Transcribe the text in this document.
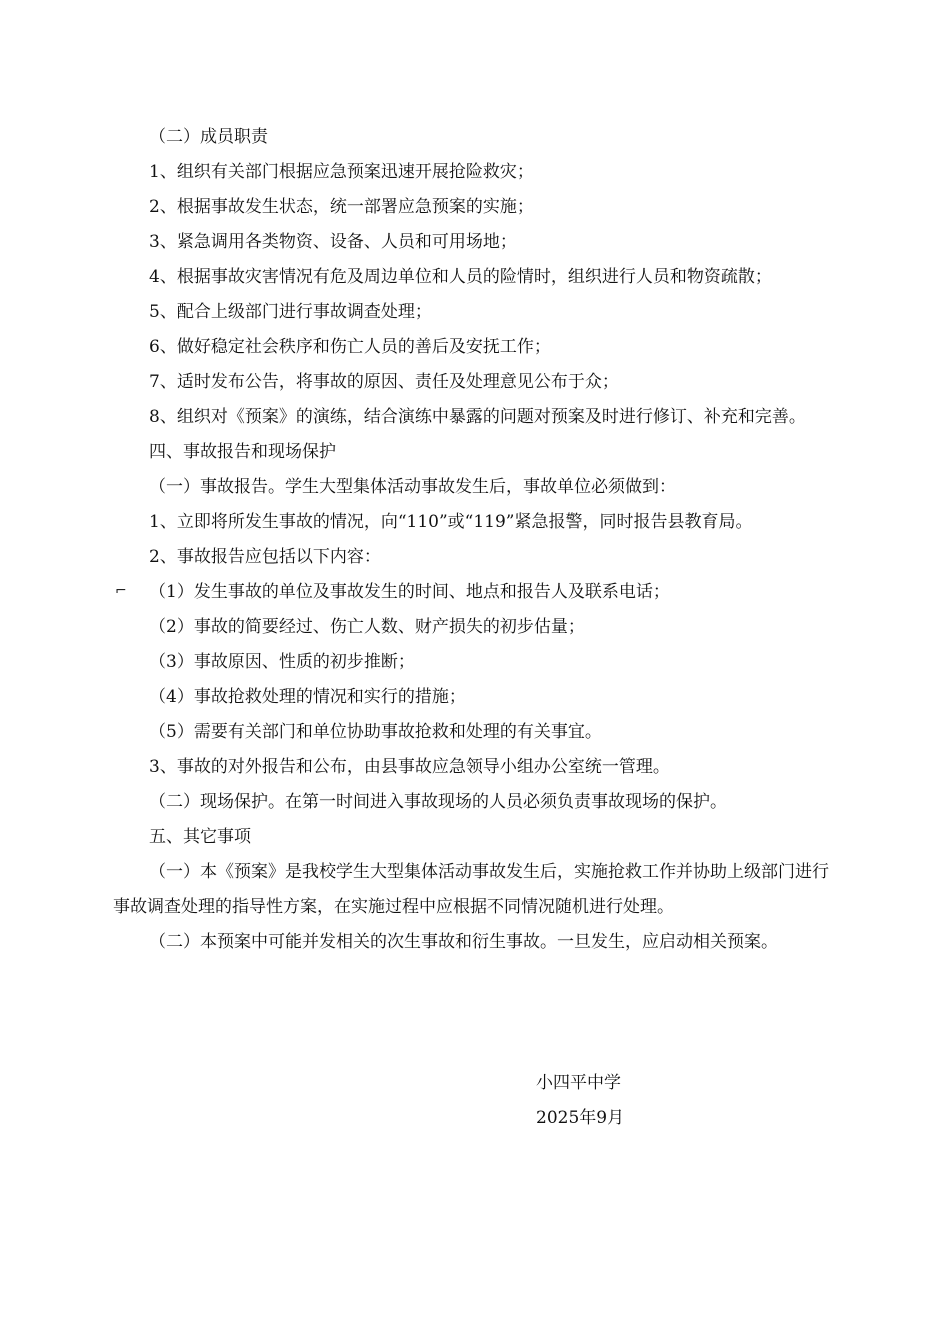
（二）成员职责

1、组织有关部门根据应急预案迅速开展抢险救灾；

2、根据事故发生状态，统一部署应急预案的实施；

3、紧急调用各类物资、设备、人员和可用场地；

4、根据事故灾害情况有危及周边单位和人员的险情时，组织进行人员和物资疏散；

5、配合上级部门进行事故调查处理；

6、做好稳定社会秩序和伤亡人员的善后及安抚工作；

7、适时发布公告，将事故的原因、责任及处理意见公布于众；

8、组织对《预案》的演练，结合演练中暴露的问题对预案及时进行修订、补充和完善。

四、事故报告和现场保护

（一）事故报告。学生大型集体活动事故发生后，事故单位必须做到：

1、立即将所发生事故的情况，向“110”或“119”紧急报警，同时报告县教育局。

2、事故报告应包括以下内容：

（1）发生事故的单位及事故发生的时间、地点和报告人及联系电话；

（2）事故的简要经过、伤亡人数、财产损失的初步估量；

（3）事故原因、性质的初步推断；

（4）事故抢救处理的情况和实行的措施；

（5）需要有关部门和单位协助事故抢救和处理的有关事宜。

3、事故的对外报告和公布，由县事故应急领导小组办公室统一管理。

（二）现场保护。在第一时间进入事故现场的人员必须负责事故现场的保护。

五、其它事项

（一）本《预案》是我校学生大型集体活动事故发生后，实施抢救工作并协助上级部门进行事故调查处理的指导性方案，在实施过程中应根据不同情况随机进行处理。

（二）本预案中可能并发相关的次生事故和衍生事故。一旦发生，应启动相关预案。

⌐

小四平中学

2025年9月
